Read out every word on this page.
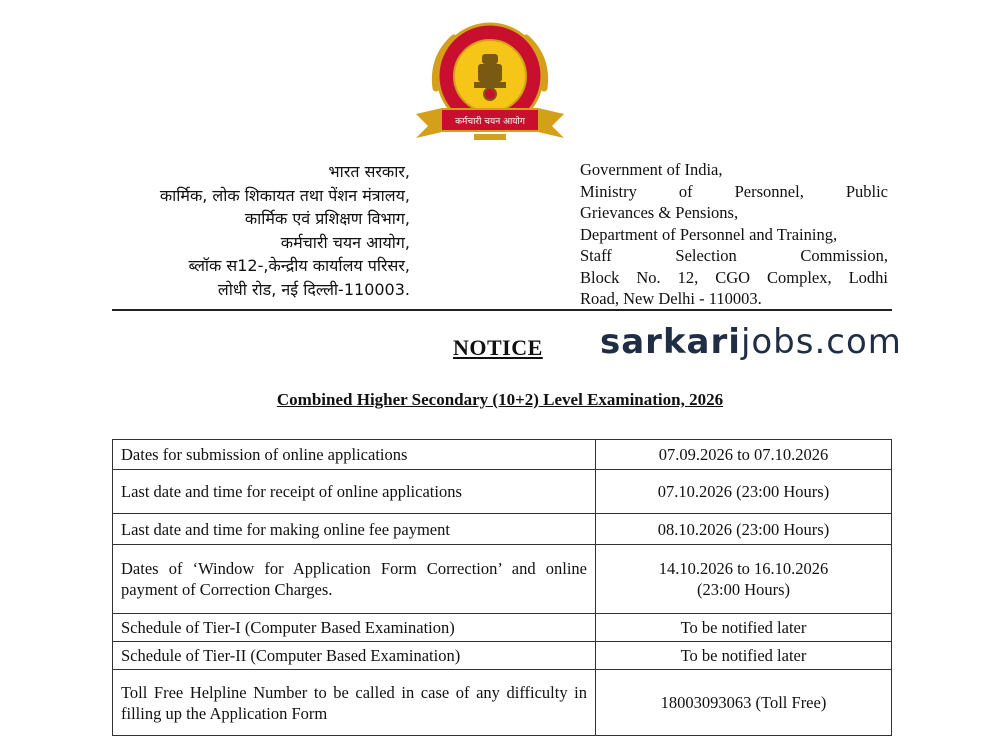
कर्मचारी चयन आयोग
भारत सरकार,
कार्मिक, लोक शिकायत तथा पेंशन मंत्रालय,
कार्मिक एवं प्रशिक्षण विभाग,
कर्मचारी चयन आयोग,
ब्लॉक स12-,केन्द्रीय कार्यालय परिसर,
लोधी रोड, नई दिल्ली-110003.
Government of India,
Ministry of Personnel, Public
Grievances & Pensions,
Department of Personnel and Training,
Staff Selection Commission,
Block No. 12, CGO Complex, Lodhi
Road, New Delhi - 110003.
NOTICE sarkarijobs.com
Combined Higher Secondary (10+2) Level Examination, 2026
Dates for submission of online applications	07.09.2026 to 07.10.2026
Last date and time for receipt of online applications	07.10.2026 (23:00 Hours)
Last date and time for making online fee payment	08.10.2026 (23:00 Hours)
Dates of ‘Window for Application Form Correction’ and online payment of Correction Charges.	14.10.2026 to 16.10.2026 (23:00 Hours)
Schedule of Tier-I (Computer Based Examination)	To be notified later
Schedule of Tier-II (Computer Based Examination)	To be notified later
Toll Free Helpline Number to be called in case of any difficulty in filling up the Application Form	18003093063 (Toll Free)
